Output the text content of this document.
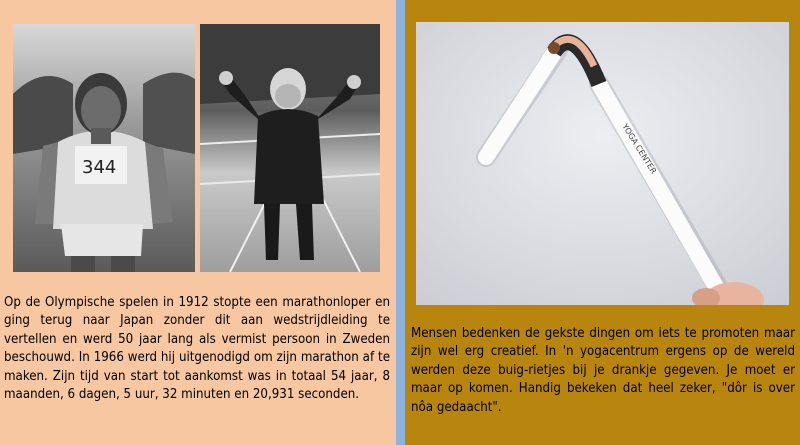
344

Op de Olympische spelen in 1912 stopte een marathonloper en ging terug naar Japan zonder dit aan wedstrijdleiding te vertellen en werd 50 jaar lang als vermist persoon in Zweden beschouwd. In 1966 werd hij uitgenodigd om zijn marathon af te maken. Zijn tijd van start tot aankomst was in totaal 54 jaar, 8 maanden, 6 dagen, 5 uur, 32 minuten en 20,931 seconden.

YOGA CENTER

Mensen bedenken de gekste dingen om iets te promoten maar zijn wel erg creatief. In 'n yogacentrum ergens op de wereld werden deze buig-rietjes bij je drankje gegeven. Je moet er maar op komen. Handig bekeken dat heel zeker, "dôr is over nôa gedaacht".
